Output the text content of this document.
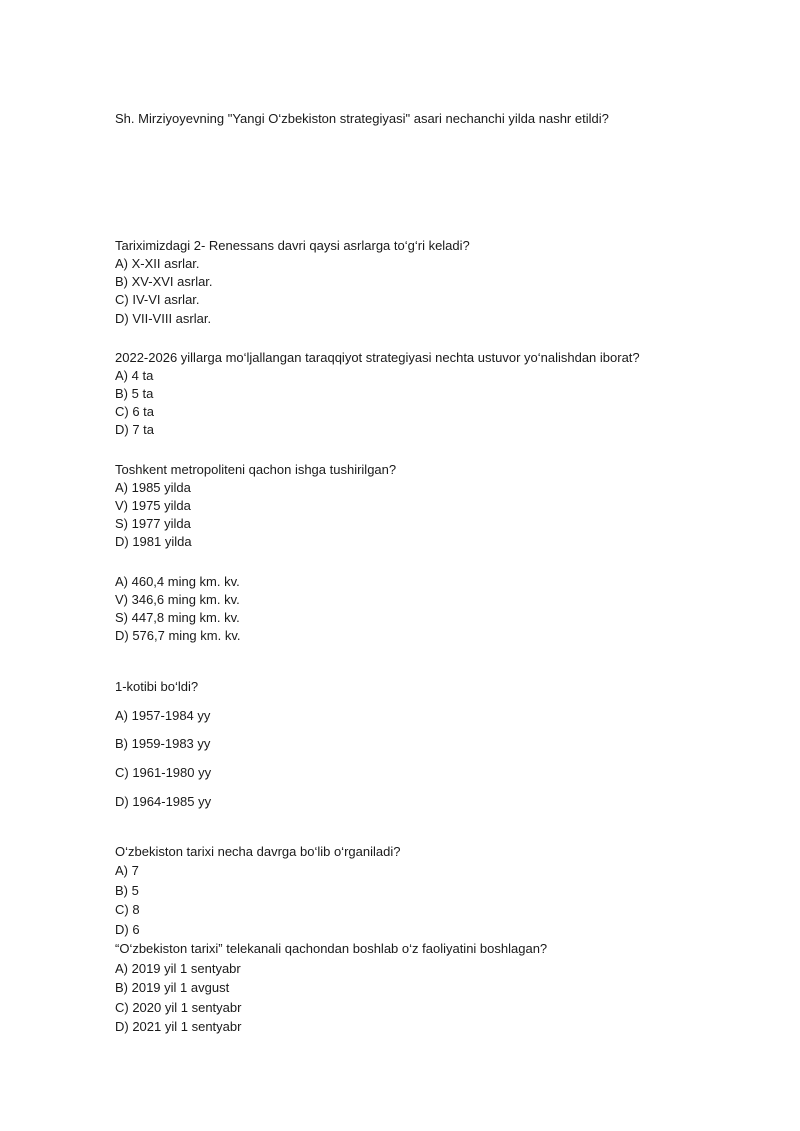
Sh. Mirziyoyevning "Yangi O‘zbekiston strategiyasi" asari nechanchi yilda nashr etildi?
Tariximizdagi 2- Renessans davri qaysi asrlarga to‘g‘ri keladi?
A) X-XII asrlar.
B) XV-XVI asrlar.
C) IV-VI asrlar.
D) VII-VIII asrlar.
2022-2026 yillarga mo‘ljallangan taraqqiyot strategiyasi nechta ustuvor yo‘nalishdan iborat?
A) 4 ta
B) 5 ta
C) 6 ta
D) 7 ta
Toshkent metropoliteni qachon ishga tushirilgan?
A) 1985 yilda
V) 1975 yilda
S) 1977 yilda
D) 1981 yilda
A) 460,4 ming km. kv.
V) 346,6 ming km. kv.
S) 447,8 ming km. kv.
D) 576,7 ming km. kv.
1-kotibi bo‘ldi?
A) 1957-1984 yy
B) 1959-1983 yy
C) 1961-1980 yy
D) 1964-1985 yy
O‘zbekiston tarixi necha davrga bo‘lib o‘rganiladi?
A) 7
B) 5
C) 8
D) 6
“O‘zbekiston tarixi” telekanali qachondan boshlab o‘z faoliyatini boshlagan?
A) 2019 yil 1 sentyabr
B) 2019 yil 1 avgust
C) 2020 yil 1 sentyabr
D) 2021 yil 1 sentyabr
